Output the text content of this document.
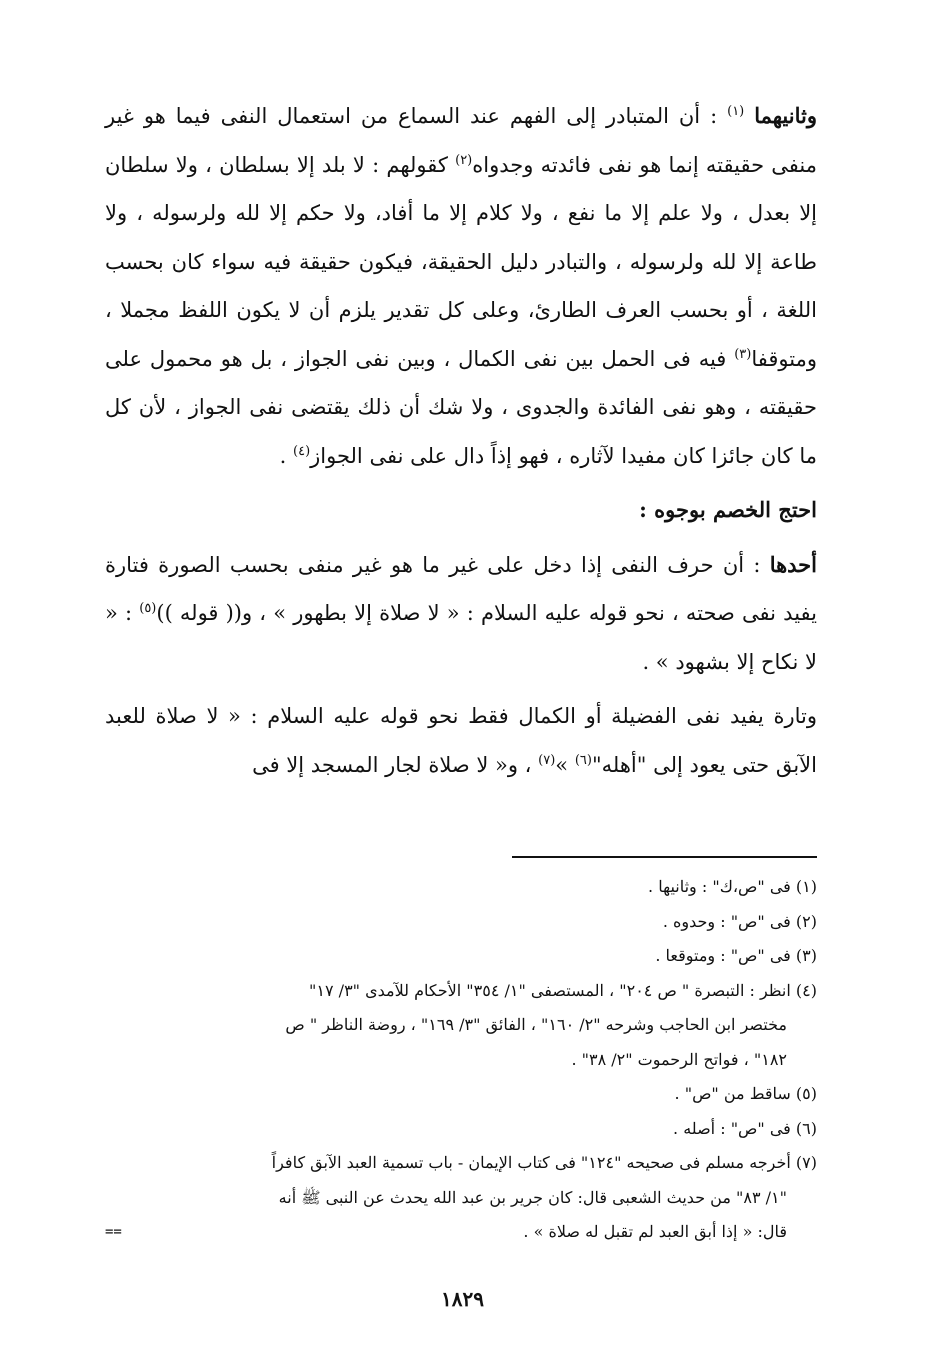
وثانيهما $^{(١)}$ : أن المتبادر إلى الفهم عند السماع من استعمال النفى فيما هو غير منفى حقيقته إنما هو نفى فائدته وجدواه$^{(٢)}$ كقولهم : لا بلد إلا بسلطان ، ولا سلطان إلا بعدل ، ولا علم إلا ما نفع ، ولا كلام إلا ما أفاد، ولا حكم إلا لله ولرسوله ، ولا طاعة إلا لله ولرسوله ، والتبادر دليل الحقيقة، فيكون حقيقة فيه سواء كان بحسب اللغة ، أو بحسب العرف الطارئ، وعلى كل تقدير يلزم أن لا يكون اللفظ مجملا ، ومتوقفا$^{(٣)}$ فيه فى الحمل بين نفى الكمال ، وبين نفى الجواز ، بل هو محمول على حقيقته ، وهو نفى الفائدة والجدوى ، ولا شك أن ذلك يقتضى نفى الجواز ، لأن كل ما كان جائزا كان مفيدا لآثاره ، فهو إذاً دال على نفى الجواز$^{(٤)}$ .

احتج الخصم بوجوه :

أحدها : أن حرف النفى إذا دخل على غير ما هو غير منفى بحسب الصورة فتارة يفيد نفى صحته ، نحو قوله عليه السلام : « لا صلاة إلا بطهور » ، و(( قوله ))$^{(٥)}$ : « لا نكاح إلا بشهود » .

وتارة يفيد نفى الفضيلة أو الكمال فقط نحو قوله عليه السلام : « لا صلاة للعبد الآبق حتى يعود إلى "أهله"$^{(٦)}$ »$^{(٧)}$ ، و« لا صلاة لجار المسجد إلا فى

(١) فى "ص،ك" : وثانيها .
(٢) فى "ص" : وحدوه .
(٣) فى "ص" : ومتوقعا .
(٤) انظر : التبصرة " ص ٢٠٤" ، المستصفى "١/ ٣٥٤" الأحكام للآمدى "٣/ ١٧"
مختصر ابن الحاجب وشرحه "٢/ ١٦٠" ، الفائق "٣/ ١٦٩" ، روضة الناظر " ص
١٨٢" ، فواتح الرحموت "٢/ ٣٨" .
(٥) ساقط من "ص" .
(٦) فى "ص" : أصله .
(٧) أخرجه مسلم فى صحيحه "١٢٤" فى كتاب الإيمان - باب تسمية العبد الآبق كافراً
"١/ ٨٣" من حديث الشعبى قال: كان جرير بن عبد الله يحدث عن النبى ﷺ أنه
قال: « إذا أبق العبد لم تقبل له صلاة » .
==
١٨٢٩
